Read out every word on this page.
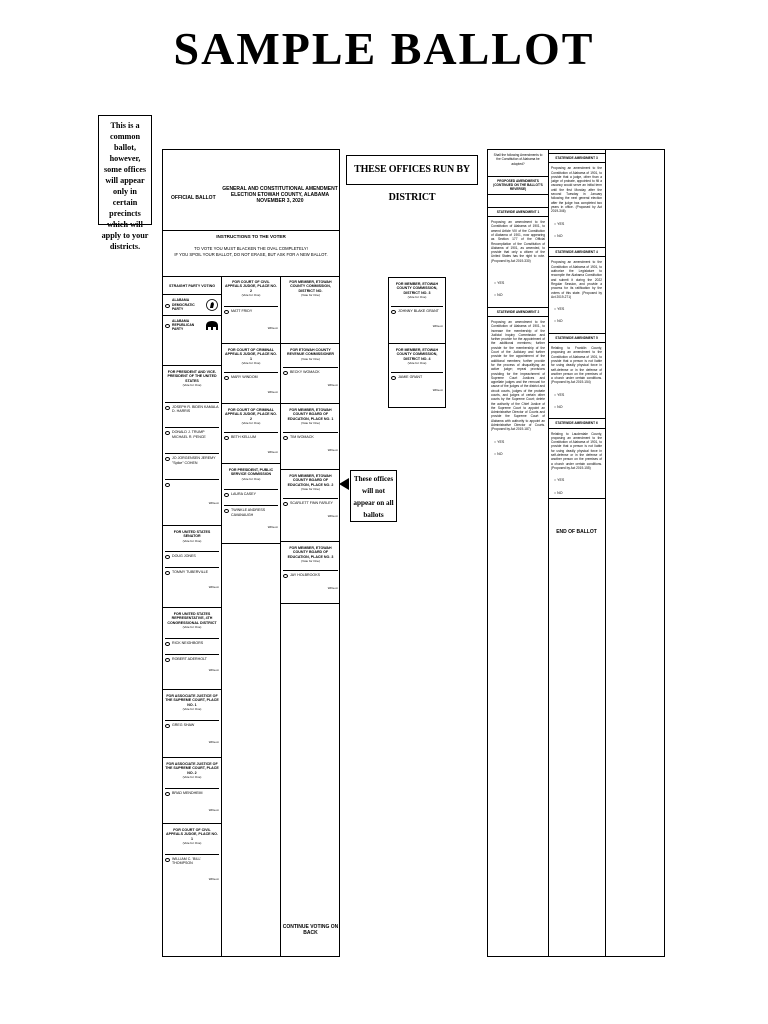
SAMPLE BALLOT
This is a common ballot, however, some offices will appear only in certain precincts which will apply to your districts.
OFFICIAL BALLOT
GENERAL AND CONSTITUTIONAL AMENDMENT ELECTION ETOWAH COUNTY, ALABAMA NOVEMBER 3, 2020
INSTRUCTIONS TO THE VOTER
TO VOTE YOU MUST BLACKEN THE OVAL COMPLETELY!
IF YOU SPOIL YOUR BALLOT, DO NOT ERASE, BUT ASK FOR A NEW BALLOT.
STRAIGHT PARTY VOTING
ALABAMA DEMOCRATIC PARTY
ALABAMA REPUBLICAN PARTY
FOR PRESIDENT AND VICE-PRESIDENT OF THE UNITED STATES
(Vote for One)
JOSEPH R. BIDEN KAMALA D. HARRIS
DONALD J. TRUMP MICHAEL R. PENCE
JO JORGENSEN JEREMY "Spike" COHEN
Write-in
FOR UNITED STATES SENATOR
(Vote for One)
DOUG JONES
TOMMY TUBERVILLE
Write-in
FOR UNITED STATES REPRESENTATIVE, 4TH CONGRESSIONAL DISTRICT
(Vote for One)
RICK NEIGHBORS
ROBERT ADERHOLT
Write-in
FOR ASSOCIATE JUSTICE OF THE SUPREME COURT, PLACE NO. 1
(Vote for One)
GREG SHAW
Write-in
FOR ASSOCIATE JUSTICE OF THE SUPREME COURT, PLACE NO. 2
(Vote for One)
BRAD MENDHEIM
Write-in
FOR COURT OF CIVIL APPEALS JUDGE, PLACE NO. 1
(Vote for One)
WILLIAM C. 'BILL' THOMPSON
Write-in
FOR COURT OF CIVIL APPEALS JUDGE, PLACE NO. 2
(Vote for One)
MATT FRIDY
Write-in
FOR COURT OF CRIMINAL APPEALS JUDGE, PLACE NO. 1
(Vote for One)
MARY WINDOM
Write-in
FOR COURT OF CRIMINAL APPEALS JUDGE, PLACE NO. 2
(Vote for One)
BETH KELLUM
Write-in
FOR PRESIDENT, PUBLIC SERVICE COMMISSION
(Vote for One)
LAURA CASEY
TWINKLE ANDRESS CAVANAUGH
Write-in
FOR MEMBER, ETOWAH COUNTY COMMISSION, DISTRICT NO.
(Vote for One)
FOR ETOWAH COUNTY REVENUE COMMISSIONER
(Vote for One)
BECKY WOMACK
Write-in
FOR MEMBER, ETOWAH COUNTY BOARD OF EDUCATION, PLACE NO. 1
(Vote for One)
TIM WOMACK
Write-in
FOR MEMBER, ETOWAH COUNTY BOARD OF EDUCATION, PLACE NO. 2
(Vote for One)
SCARLETT FINN FARLEY
Write-in
FOR MEMBER, ETOWAH COUNTY BOARD OF EDUCATION, PLACE NO. 3
(Vote for One)
JAY HOLBROOKS
Write-in
CONTINUE VOTING ON BACK
THESE OFFICES RUN BY DISTRICT
FOR MEMBER, ETOWAH COUNTY COMMISSION, DISTRICT NO. 3
(Vote for One)
JOHNNY BLAKE GRANT
Write-in
FOR MEMBER, ETOWAH COUNTY COMMISSION, DISTRICT NO. 4
(Vote for One)
JAMIE GRANT
Write-in
These offices will not appear on all ballots
Shall the following Amendments to the Constitution of Alabama be adopted?
PROPOSED AMENDMENTS (CONTINUED ON THE BALLOT'S REVERSE)
STATEWIDE AMENDMENT 1
Proposing an amendment to the Constitution of Alabama of 1901, to amend Article VIII of the Constitution of Alabama of 1901, now appearing as Section 177 of the Official Recompilation of the Constitution of Alabama of 1901, as amended, to provide that only a citizen of the United States has the right to vote. (Proposed by Act 2019-330)
○ YES
○ NO
STATEWIDE AMENDMENT 2
Proposing an amendment to the Constitution of Alabama of 1901, to increase the membership of the Judicial Inquiry Commission and further provide for the appointment of the additional members; further provide for the membership of the Court of the Judiciary and further provide for the appointment of the additional members; further provide for the process of disqualifying an active judge; repeal provisions providing for the impeachment of Supreme Court Justices and appellate judges and the removal for cause of the judges of the district and circuit courts, judges of the probate courts, and judges of certain other courts by the Supreme Court; delete the authority of the Chief Justice of the Supreme Court to appoint an Administrative Director of Courts and provide the Supreme Court of Alabama with authority to appoint an Administrative Director of Courts. (Proposed by Act 2019-187)
○ YES
○ NO
STATEWIDE AMENDMENT 3
Proposing an amendment to the Constitution of Alabama of 1901, to provide that a judge, other than a judge of probate, appointed to fill a vacancy would serve an initial term until the first Monday after the second Tuesday in January following the next general election after the judge has completed two years in office. (Proposed by Act 2019-346)
○ YES
○ NO
STATEWIDE AMENDMENT 4
Proposing an amendment to the Constitution of Alabama of 1901, to authorize the Legislature to recompile the Alabama Constitution and submit it during the 2022 Regular Session, and provide a process for its ratification by the voters of this state. (Proposed by Act 2019-271)
○ YES
○ NO
STATEWIDE AMENDMENT 5
Relating to Franklin County, proposing an amendment to the Constitution of Alabama of 1901, to provide that a person is not liable for using deadly physical force in self-defense or in the defense of another person on the premises of a church under certain conditions. (Proposed by Act 2019-154)
○ YES
○ NO
STATEWIDE AMENDMENT 6
Relating to Lauderdale County, proposing an amendment to the Constitution of Alabama of 1901, to provide that a person is not liable for using deadly physical force in self-defense or in the defense of another person on the premises of a church under certain conditions. (Proposed by Act 2019-155)
○ YES
○ NO
END OF BALLOT
